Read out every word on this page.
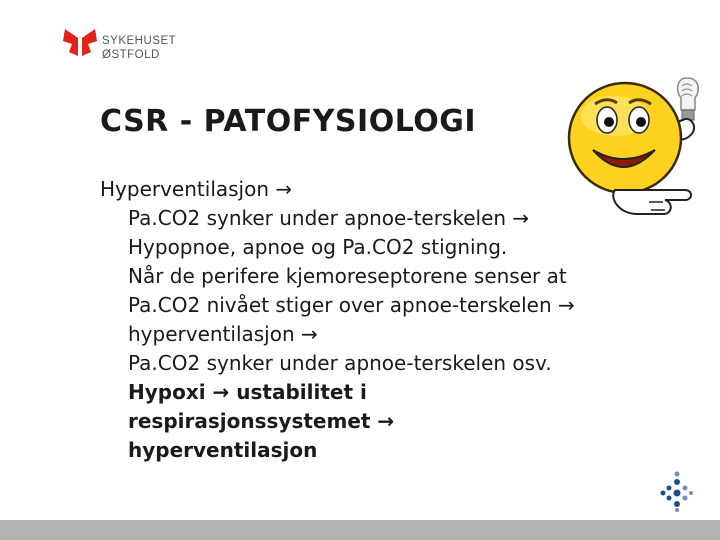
SYKEHUSET
ØSTFOLD
CSR - PATOFYSIOLOGI
Hyperventilasjon →
Pa.CO2 synker under apnoe-terskelen →
Hypopnoe, apnoe og Pa.CO2 stigning.
Når de perifere kjemoreseptorene senser at
Pa.CO2 nivået stiger over apnoe-terskelen →
hyperventilasjon →
Pa.CO2 synker under apnoe-terskelen osv.
Hypoxi → ustabilitet i
respirasjonssystemet →
hyperventilasjon
